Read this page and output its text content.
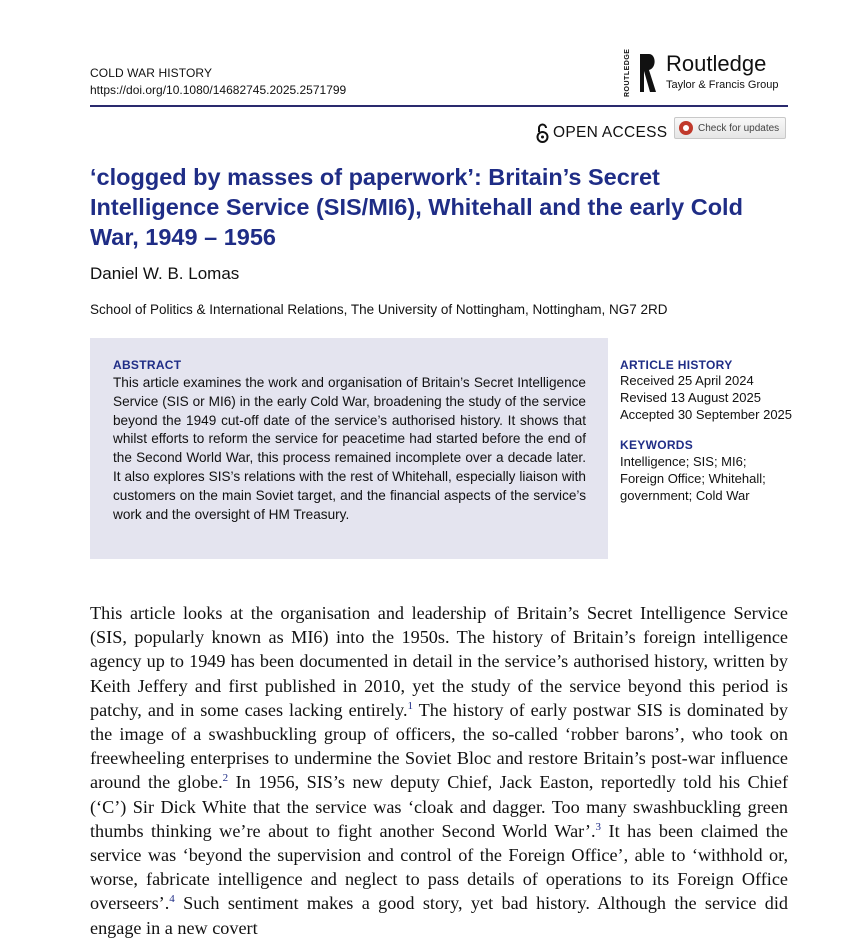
COLD WAR HISTORY
https://doi.org/10.1080/14682745.2025.2571799	ROUTLEDGE Routledge
Taylor & Francis Group
OPEN ACCESS	Check for updates
‘clogged by masses of paperwork’: Britain’s Secret Intelligence Service (SIS/MI6), Whitehall and the early Cold War, 1949 – 1956
Daniel W. B. Lomas
School of Politics & International Relations, The University of Nottingham, Nottingham, NG7 2RD
ABSTRACT
This article examines the work and organisation of Britain’s Secret Intelligence Service (SIS or MI6) in the early Cold War, broadening the study of the service beyond the 1949 cut-off date of the service’s authorised history. It shows that whilst efforts to reform the service for peacetime had started before the end of the Second World War, this process remained incomplete over a decade later. It also explores SIS’s relations with the rest of Whitehall, especially liaison with customers on the main Soviet target, and the financial aspects of the service’s work and the oversight of HM Treasury.
ARTICLE HISTORY
Received 25 April 2024
Revised 13 August 2025
Accepted 30 September 2025
KEYWORDS
Intelligence; SIS; MI6; Foreign Office; Whitehall; government; Cold War
This article looks at the organisation and leadership of Britain’s Secret Intelligence Service (SIS, popularly known as MI6) into the 1950s. The history of Britain’s foreign intelligence agency up to 1949 has been documented in detail in the service’s authorised history, written by Keith Jeffery and first published in 2010, yet the study of the service beyond this period is patchy, and in some cases lacking entirely.$^1$ The history of early postwar SIS is dominated by the image of a swashbuckling group of officers, the so-called ‘robber barons’, who took on freewheeling enterprises to undermine the Soviet Bloc and restore Britain’s post-war influence around the globe.$^2$ In 1956, SIS’s new deputy Chief, Jack Easton, reportedly told his Chief (‘C’) Sir Dick White that the service was ‘cloak and dagger. Too many swashbuckling green thumbs thinking we’re about to fight another Second World War’.$^3$ It has been claimed the service was ‘beyond the supervision and control of the Foreign Office’, able to ‘withhold or, worse, fabricate intelligence and neglect to pass details of operations to its Foreign Office overseers’.$^4$ Such sentiment makes a good story, yet bad history. Although the service did engage in a new covert
